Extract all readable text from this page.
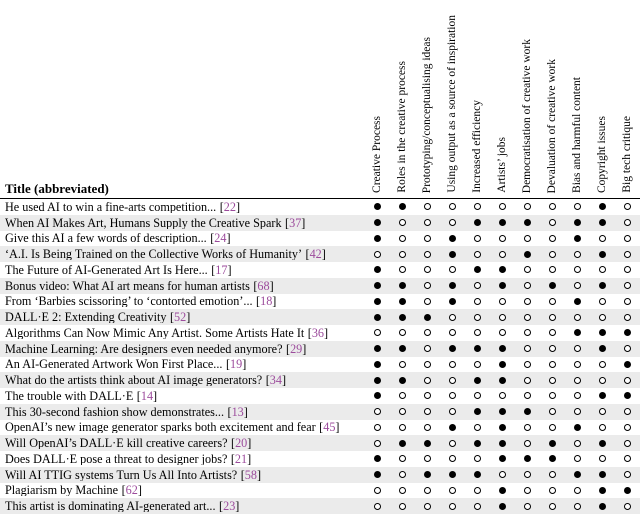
Title (abbreviated)	Creative Process Roles in the creative process Prototyping/conceptualising ideas Using output as a source of inspiration Increased efficiency Artists’ jobs Democratisation of creative work Devaluation of creative work Bias and harmful content Copyright issues Big tech critique
He used AI to win a fine-arts competition... [22]
When AI Makes Art, Humans Supply the Creative Spark [37]
Give this AI a few words of description... [24]
‘A.I. Is Being Trained on the Collective Works of Humanity’ [42]
The Future of AI-Generated Art Is Here... [17]
Bonus video: What AI art means for human artists [68]
From ‘Barbies scissoring’ to ‘contorted emotion’... [18]
DALL·E 2: Extending Creativity [52]
Algorithms Can Now Mimic Any Artist. Some Artists Hate It [36]
Machine Learning: Are designers even needed anymore? [29]
An AI-Generated Artwork Won First Place... [19]
What do the artists think about AI image generators? [34]
The trouble with DALL·E [14]
This 30-second fashion show demonstrates... [13]
OpenAI’s new image generator sparks both excitement and fear [45]
Will OpenAI’s DALL·E kill creative careers? [20]
Does DALL·E pose a threat to designer jobs? [21]
Will AI TTIG systems Turn Us All Into Artists? [58]
Plagiarism by Machine [62]
This artist is dominating AI-generated art... [23]
